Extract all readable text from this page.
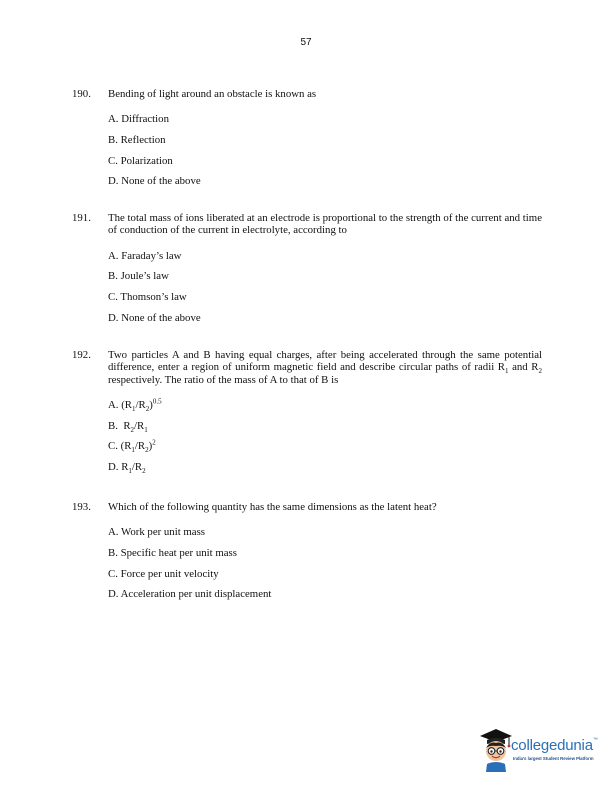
57
190.	Bending of light around an obstacle is known as
A. Diffraction
B. Reflection
C. Polarization
D. None of the above
191.	The total mass of ions liberated at an electrode is proportional to the strength of the current and time of conduction of the current in electrolyte, according to
A. Faraday’s law
B. Joule’s law
C. Thomson’s law
D. None of the above
192.	Two particles A and B having equal charges, after being accelerated through the same potential difference, enter a region of uniform magnetic field and describe circular paths of radii $R_1$ and $R_2$ respectively. The ratio of the mass of A to that of B is
A. $(R_1/R_2)^{0.5}$
B. $R_2/R_1$
C. $(R_1/R_2)^2$
D. $R_1/R_2$
193.	Which of the following quantity has the same dimensions as the latent heat?
A. Work per unit mass
B. Specific heat per unit mass
C. Force per unit velocity
D. Acceleration per unit displacement
collegedunia™
India's largest Student Review Platform
